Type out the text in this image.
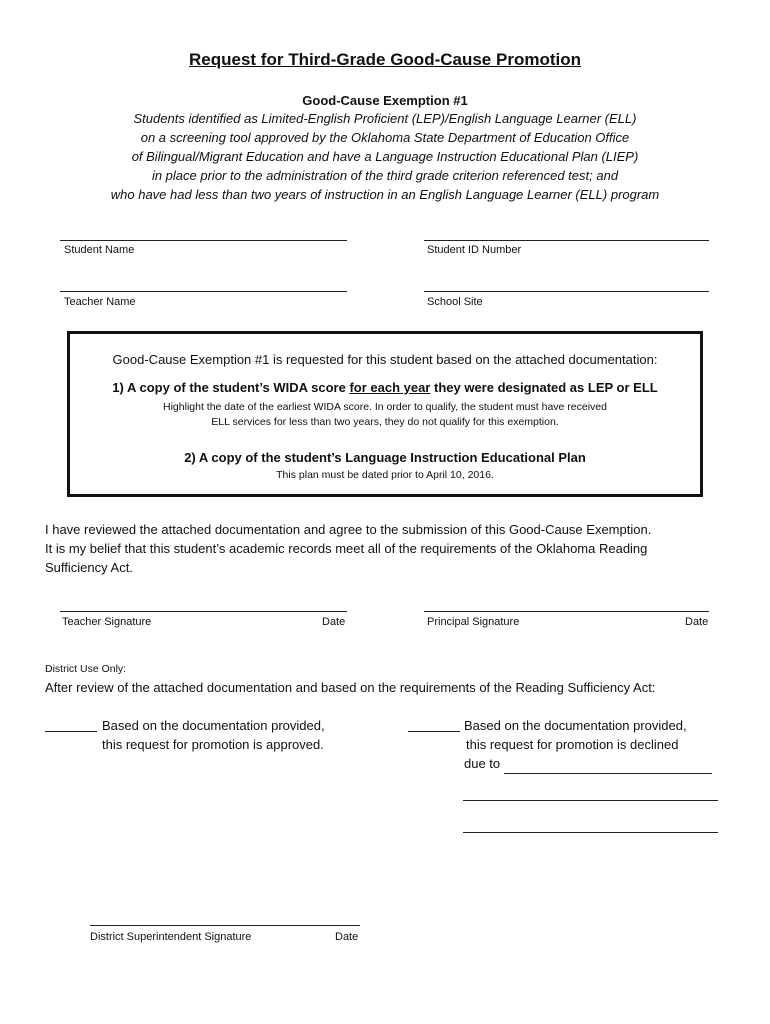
Request for Third-Grade Good-Cause Promotion
Good-Cause Exemption #1
Students identified as Limited-English Proficient (LEP)/English Language Learner (ELL)
on a screening tool approved by the Oklahoma State Department of Education Office
of Bilingual/Migrant Education and have a Language Instruction Educational Plan (LIEP)
in place prior to the administration of the third grade criterion referenced test; and
who have had less than two years of instruction in an English Language Learner (ELL) program
Student Name	Student ID Number
Teacher Name	School Site
Good-Cause Exemption #1 is requested for this student based on the attached documentation:
1) A copy of the student’s WIDA score for each year they were designated as LEP or ELL
Highlight the date of the earliest WIDA score. In order to qualify, the student must have received
ELL services for less than two years, they do not qualify for this exemption.
2) A copy of the student’s Language Instruction Educational Plan
This plan must be dated prior to April 10, 2016.
I have reviewed the attached documentation and agree to the submission of this Good-Cause Exemption.
It is my belief that this student’s academic records meet all of the requirements of the Oklahoma Reading
Sufficiency Act.
Teacher Signature	Date	Principal Signature	Date
District Use Only:
After review of the attached documentation and based on the requirements of the Reading Sufficiency Act:
Based on the documentation provided,
this request for promotion is approved.
Based on the documentation provided,
this request for promotion is declined
due to
District Superintendent Signature	Date
